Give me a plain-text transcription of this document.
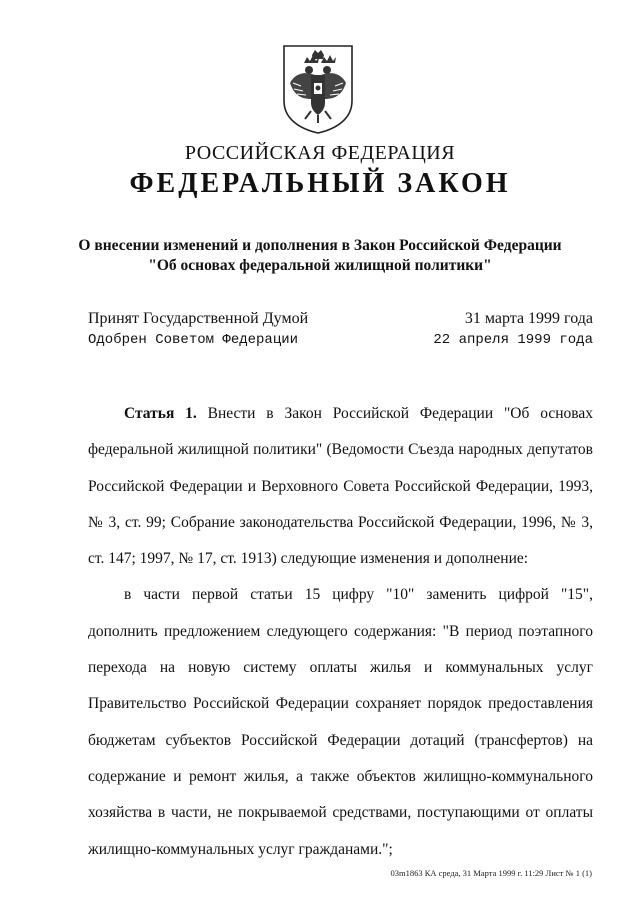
РОССИЙСКАЯ ФЕДЕРАЦИЯ
ФЕДЕРАЛЬНЫЙ ЗАКОН
О внесении изменений и дополнения в Закон Российской Федерации
"Об основах федеральной жилищной политики"
Принят Государственной Думой	31 марта 1999 года
Одобрен Советом Федерации	22 апреля 1999 года

Статья 1. Внести в Закон Российской Федерации "Об основах федеральной жилищной политики" (Ведомости Съезда народных депутатов Российской Федерации и Верховного Совета Российской Федерации, 1993, № 3, ст. 99; Собрание законодательства Российской Федерации, 1996, № 3, ст. 147; 1997, № 17, ст. 1913) следующие изменения и дополнение:

в части первой статьи 15 цифру "10" заменить цифрой "15", дополнить предложением следующего содержания: "В период поэтапного перехода на новую систему оплаты жилья и коммунальных услуг Правительство Российской Федерации сохраняет порядок предоставления бюджетам субъектов Российской Федерации дотаций (трансфертов) на содержание и ремонт жилья, а также объектов жилищно-коммунального хозяйства в части, не покрываемой средствами, поступающими от оплаты жилищно-коммунальных услуг гражданами.";

03m1863 КА среда, 31 Марта 1999 г. 11:29 Лист № 1 (1)
